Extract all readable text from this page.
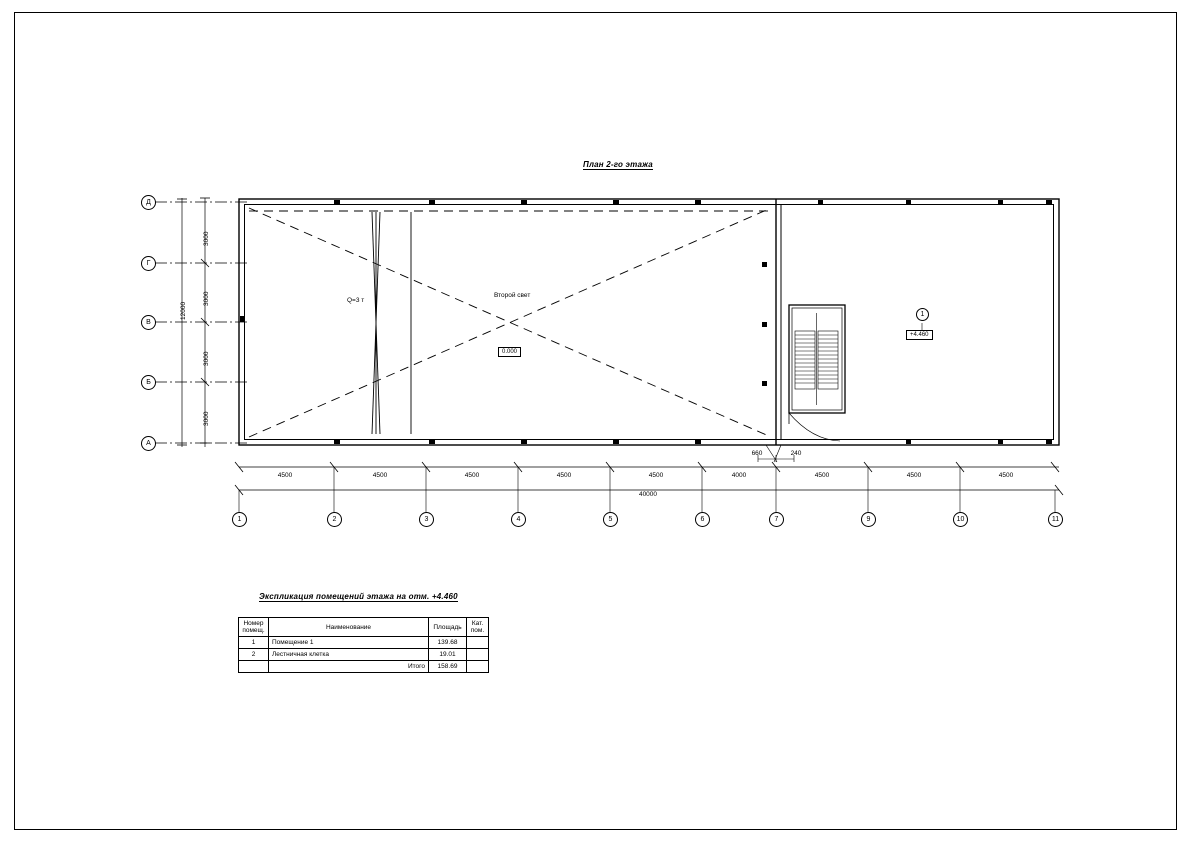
План 2-го этажа
Экспликация помещений этажа на отм. +4.460
Д
Г
В
Б
А
1	2	3	4	5	6	7	9	10	11
3000
3000
3000
3000
12000
4500	4500	4500	4500	4500	4000	4500	4500	4500
40000
660	240
Q=3 т
Второй свет
0.000
+4.460
1
Номер помещ.	Наименование	Площадь	Кат. пом.
1	Помещение 1	139.68	
2	Лестничная клетка	19.01	
	Итого	158.69	
